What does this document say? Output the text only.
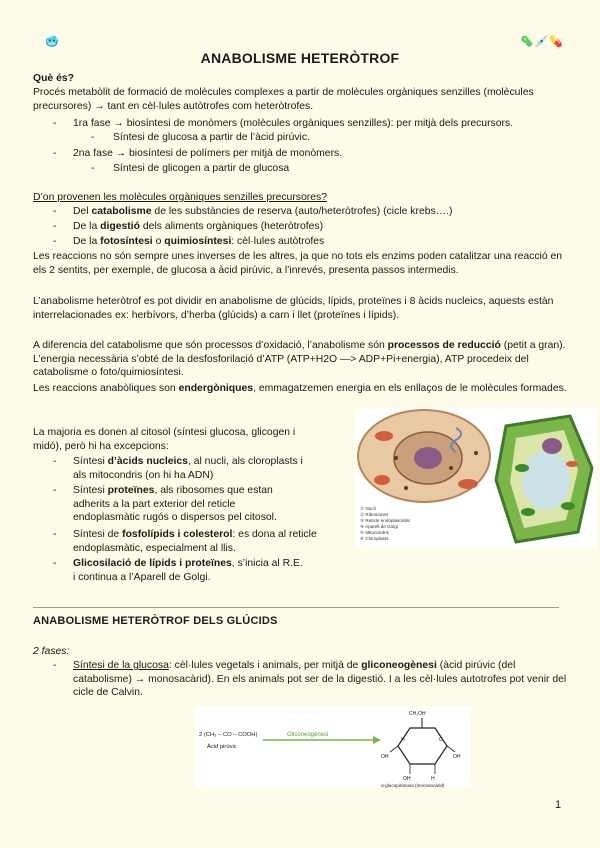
🥶	🦠💉💊
ANABOLISME HETERÒTROF

Què és?

Procés metabòlit de formació de molècules complexes a partir de molècules orgàniques senzilles (molècules precursores) → tant en cèl·lules autòtrofes com heteròtrofes.

- 1ra fase → biosíntesi de monòmers (molècules orgàniques senzilles): per mitjà dels precursors.
- Síntesi de glucosa a partir de l’àcid pirúvic.
- 2na fase → biosíntesi de polímers per mitjà de monòmers.
- Síntesi de glicogen a partir de glucosa

D’on provenen les molècules orgàniques senzilles precursores?

- Del catabolisme de les substàncies de reserva (auto/heteròtrofes) (cicle krebs….)
- De la digestió dels aliments orgàniques (heteròtrofes)
- De la fotosíntesi o quimiosíntesi: cèl·lules autòtrofes

Les reaccions no són sempre unes inverses de les altres, ja que no tots els enzims poden catalitzar una reacció en els 2 sentits, per exemple, de glucosa a àcid pirúvic, a l’inrevés, presenta passos intermedis.

L’anabolisme heteròtrof es pot dividir en anabolisme de glúcids, lípids, proteïnes i 8 àcids nucleics, aquests estàn interrelacionades ex: herbívors, d’herba (glúcids) a carn i llet (proteïnes i lípids).

A diferencia del catabolisme que són processos d’oxidació, l’anabolisme són processos de reducció (petit a gran). L’energia necessària s’obté de la desfosforilació d’ATP (ATP+H2O —> ADP+Pi+energia), ATP procedeix del catabolisme o foto/quimiosíntesi.

Les reaccions anabòliques son endergòniques, emmagatzemen energia en els enllaços de le molècules formades.

La majoria es donen al citosol (síntesi glucosa, glicogen i midó), però hi ha excepcions:

- Síntesi d’àcids nucleics, al nucli, als cloroplasts i als mitocondris (on hi ha ADN)
- Síntesi proteïnes, als ribosomes que estan adherits a la part exterior del reticle endoplasmàtic rugós o dispersos pel citosol.
- Síntesi de fosfolípids i colesterol: es dona al reticle endoplasmàtic, especialment al llis.
- Glicosilació de lípids i proteïnes, s’inicia al R.E. i continua a l’Aparell de Golgi.
① Nucli
② Ribosomes
③ Reticle endoplasmàtic
④ Aparell de Golgi
⑤ Mitocondris
⑥ Cloroplasts
ANABOLISME HETERÒTROF DELS GLÚCIDS

2 fases:

- Síntesi de la glucosa: cèl·lules vegetals i animals, per mitjà de gliconeogènesi (àcid pirúvic (del catabolisme) → monosacàrid). En els animals pot ser de la digestió. I a les cèl·lules autotrofes pot venir del cicle de Calvin.
2 (CH₃ – CO – COOH)
Àcid pirúvic
Gliconeogènesi
H	O
OH	OH
OH	H
CH₂OH
α-glucopiranosa (monosacàrid)
1
